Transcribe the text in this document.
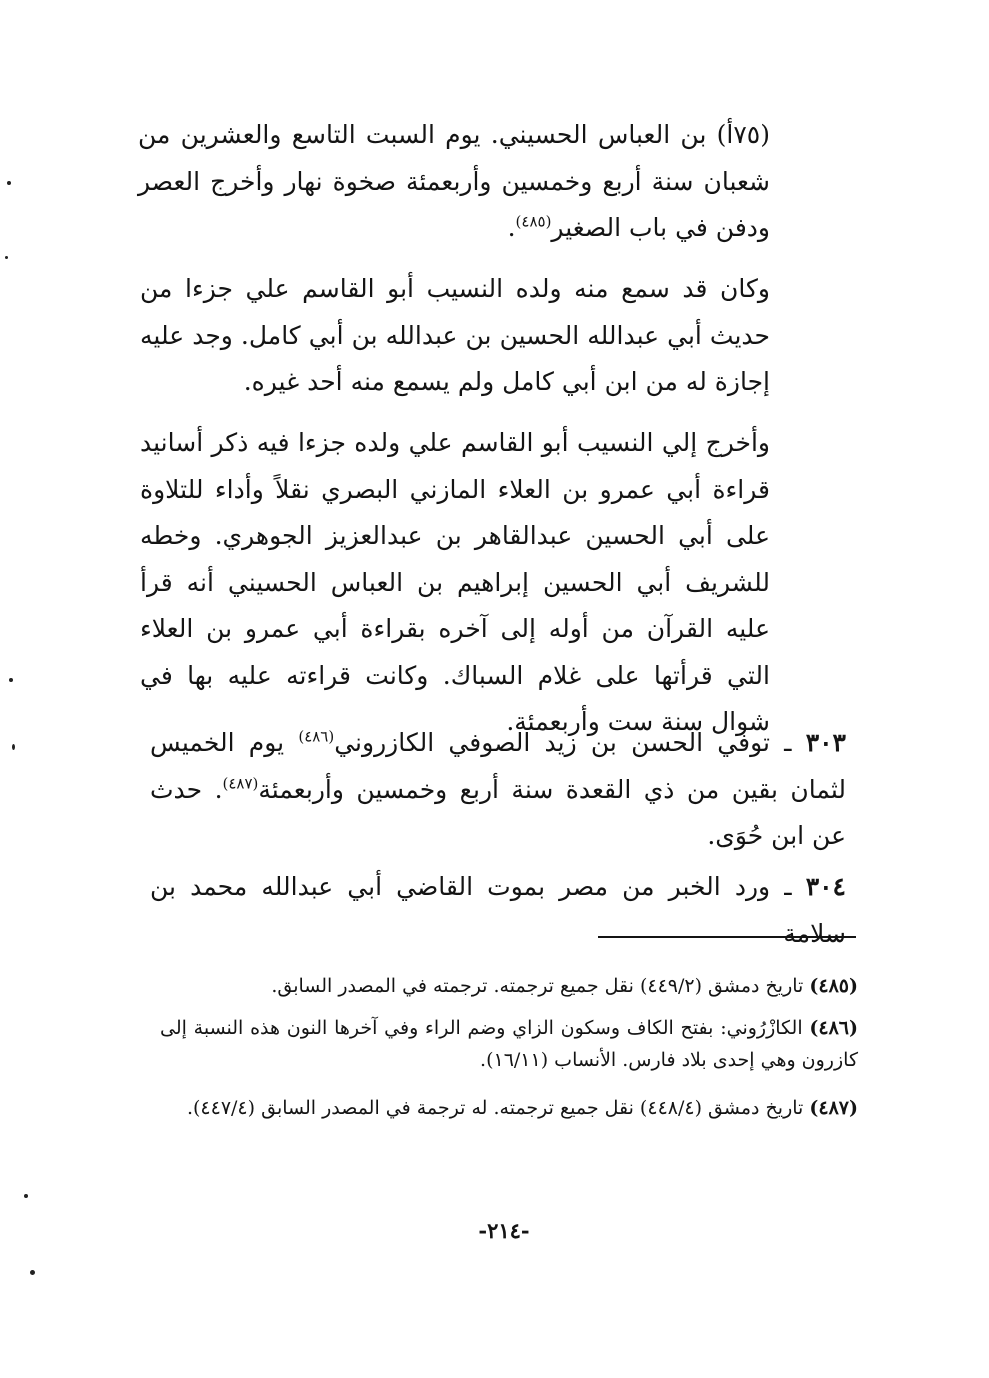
(٧٥أ) بن العباس الحسيني. يوم السبت التاسع والعشرين من شعبان سنة أربع وخمسين وأربعمئة صخوة نهار وأخرج العصر ودفن في باب الصغير$^{(٤٨٥)}$.

وكان قد سمع منه ولده النسيب أبو القاسم علي جزءا من حديث أبي عبدالله الحسين بن عبدالله بن أبي كامل. وجد عليه إجازة له من ابن أبي كامل ولم يسمع منه أحد غيره.

وأخرج إلي النسيب أبو القاسم علي ولده جزءا فيه ذكر أسانيد قراءة أبي عمرو بن العلاء المازني البصري نقلاً وأداء للتلاوة على أبي الحسين عبدالقاهر بن عبدالعزيز الجوهري. وخطه للشريف أبي الحسين إبراهيم بن العباس الحسيني أنه قرأ عليه القرآن من أوله إلى آخره بقراءة أبي عمرو بن العلاء التي قرأتها على غلام السباك. وكانت قراءته عليه بها في شوال سنة ست وأربعمئة.

٣٠٣ ـ توفي الحسن بن زيد الصوفي الكازروني$^{(٤٨٦)}$ يوم الخميس لثمان بقين من ذي القعدة سنة أربع وخمسين وأربعمئة$^{(٤٨٧)}$. حدث عن ابن حُوَى.

٣٠٤ ـ ورد الخبر من مصر بموت القاضي أبي عبدالله محمد بن سلامة

(٤٨٥) تاريخ دمشق (٤٤٩/٢) نقل جميع ترجمته. ترجمته في المصدر السابق.

(٤٨٦) الكازْرُوني: بفتح الكاف وسكون الزاي وضم الراء وفي آخرها النون هذه النسبة إلى كازرون وهي إحدى بلاد فارس. الأنساب (١٦/١١).

(٤٨٧) تاريخ دمشق (٤٤٨/٤) نقل جميع ترجمته. له ترجمة في المصدر السابق (٤٤٧/٤).

-٢١٤-
